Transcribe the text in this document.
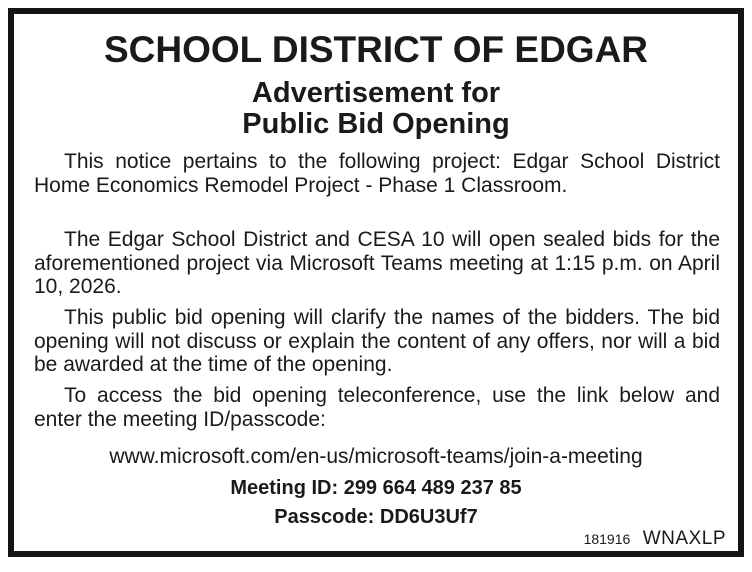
SCHOOL DISTRICT OF EDGAR
Advertisement for
Public Bid Opening
The Edgar School District and CESA 10 will open sealed bids for the aforementioned project via Microsoft Teams meeting at 1:15 p.m. on April 10, 2026.
This public bid opening will clarify the names of the bidders. The bid opening will not discuss or explain the content of any offers, nor will a bid be awarded at the time of the opening.
To access the bid opening teleconference, use the link below and enter the meeting ID/passcode:
This notice pertains to the following project: Edgar School District Home Economics Remodel Project - Phase 1 Classroom.
www.microsoft.com/en-us/microsoft-teams/join-a-meeting
Meeting ID: 299 664 489 237 85
Passcode: DD6U3Uf7
181916 WNAXLP
